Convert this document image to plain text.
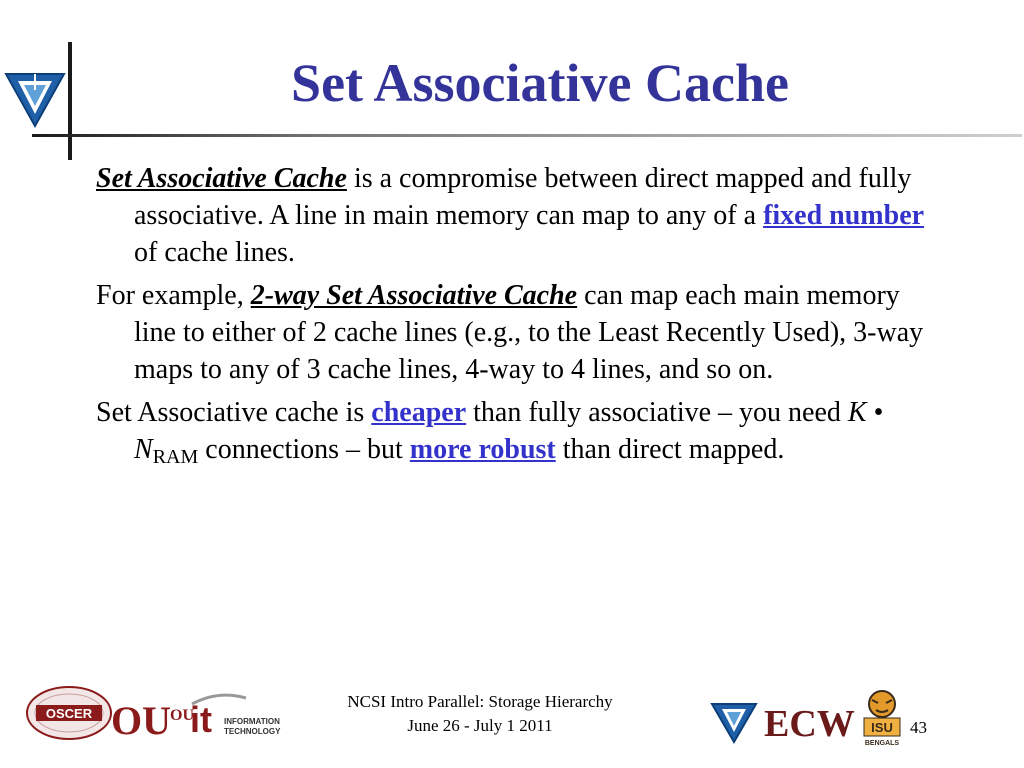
Set Associative Cache

Set Associative Cache is a compromise between direct mapped and fully associative. A line in main memory can map to any of a fixed number of cache lines.

For example, 2-way Set Associative Cache can map each main memory line to either of 2 cache lines (e.g., to the Least Recently Used), 3-way maps to any of 3 cache lines, 4-way to 4 lines, and so on.

Set Associative cache is cheaper than fully associative – you need K • $N_{RAM}$ connections – but more robust than direct mapped.

OSCER OU OU
it INFORMATION
TECHNOLOGY
NCSI Intro Parallel: Storage Hierarchy
June 26 - July 1 2011	ECW ISU
BENGALS
43
